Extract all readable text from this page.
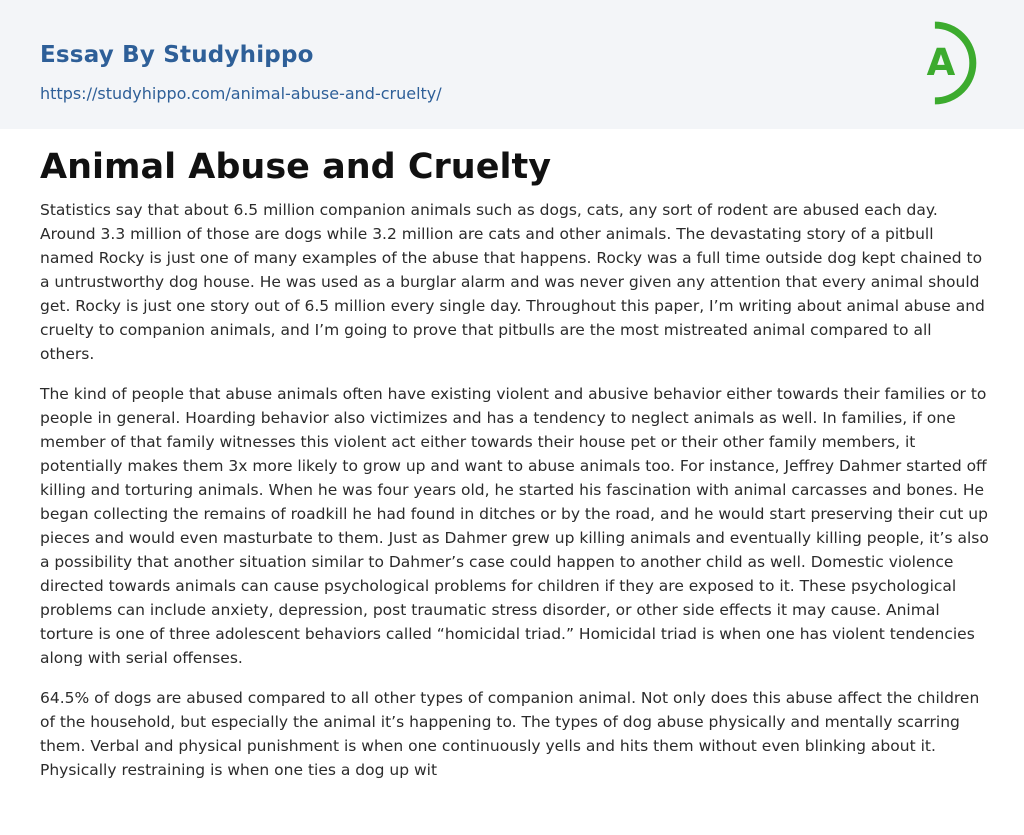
Essay By Studyhippo
https://studyhippo.com/animal-abuse-and-cruelty/
A
Animal Abuse and Cruelty

Statistics say that about 6.5 million companion animals such as dogs, cats, any sort of rodent are abused each day. Around 3.3 million of those are dogs while 3.2 million are cats and other animals. The devastating story of a pitbull named Rocky is just one of many examples of the abuse that happens. Rocky was a full time outside dog kept chained to a untrustworthy dog house. He was used as a burglar alarm and was never given any attention that every animal should get. Rocky is just one story out of 6.5 million every single day. Throughout this paper, I’m writing about animal abuse and cruelty to companion animals, and I’m going to prove that pitbulls are the most mistreated animal compared to all others.

The kind of people that abuse animals often have existing violent and abusive behavior either towards their families or to people in general. Hoarding behavior also victimizes and has a tendency to neglect animals as well. In families, if one member of that family witnesses this violent act either towards their house pet or their other family members, it potentially makes them 3x more likely to grow up and want to abuse animals too. For instance, Jeffrey Dahmer started off killing and torturing animals. When he was four years old, he started his fascination with animal carcasses and bones. He began collecting the remains of roadkill he had found in ditches or by the road, and he would start preserving their cut up pieces and would even masturbate to them. Just as Dahmer grew up killing animals and eventually killing people, it’s also a possibility that another situation similar to Dahmer’s case could happen to another child as well. Domestic violence directed towards animals can cause psychological problems for children if they are exposed to it. These psychological problems can include anxiety, depression, post traumatic stress disorder, or other side effects it may cause. Animal torture is one of three adolescent behaviors called “homicidal triad.” Homicidal triad is when one has violent tendencies along with serial offenses.

64.5% of dogs are abused compared to all other types of companion animal. Not only does this abuse affect the children of the household, but especially the animal it’s happening to. The types of dog abuse physically and mentally scarring them. Verbal and physical punishment is when one continuously yells and hits them without even blinking about it. Physically restraining is when one ties a dog up wit
